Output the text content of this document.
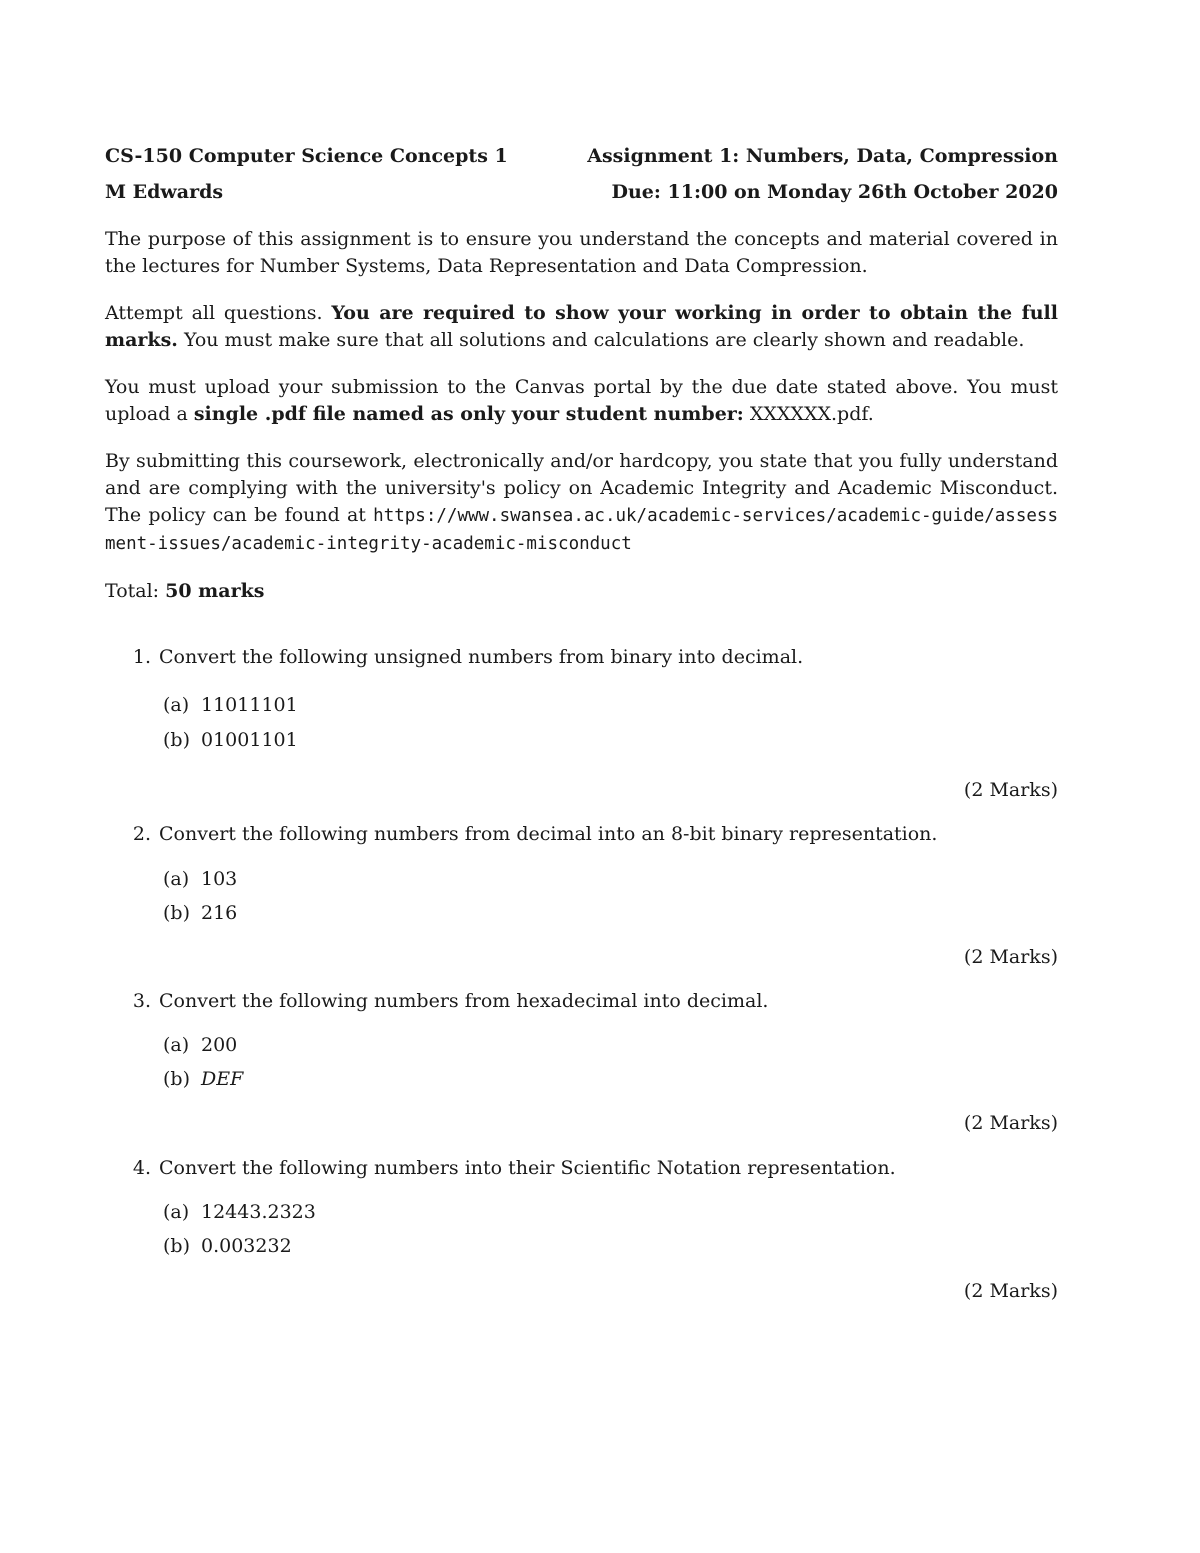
CS-150 Computer Science Concepts 1	Assignment 1: Numbers, Data, Compression
M Edwards	Due: 11:00 on Monday 26th October 2020

The purpose of this assignment is to ensure you understand the concepts and material covered in the lectures for Number Systems, Data Representation and Data Compression.

Attempt all questions. You are required to show your working in order to obtain the full marks. You must make sure that all solutions and calculations are clearly shown and readable.

You must upload your submission to the Canvas portal by the due date stated above. You must upload a single .pdf file named as only your student number: XXXXXX.pdf.

By submitting this coursework, electronically and/or hardcopy, you state that you fully understand and are complying with the university's policy on Academic Integrity and Academic Misconduct. The policy can be found at https://www.swansea.ac.uk/academic-services/academic-guide/assessment-issues/academic-integrity-academic-misconduct

Total: 50 marks

1. Convert the following unsigned numbers from binary into decimal.
(a) 11011101
(b) 01001101
(2 Marks)
2. Convert the following numbers from decimal into an 8-bit binary representation.
(a) 103
(b) 216
(2 Marks)
3. Convert the following numbers from hexadecimal into decimal.
(a) 200
(b) DEF
(2 Marks)
4. Convert the following numbers into their Scientific Notation representation.
(a) 12443.2323
(b) 0.003232
(2 Marks)
